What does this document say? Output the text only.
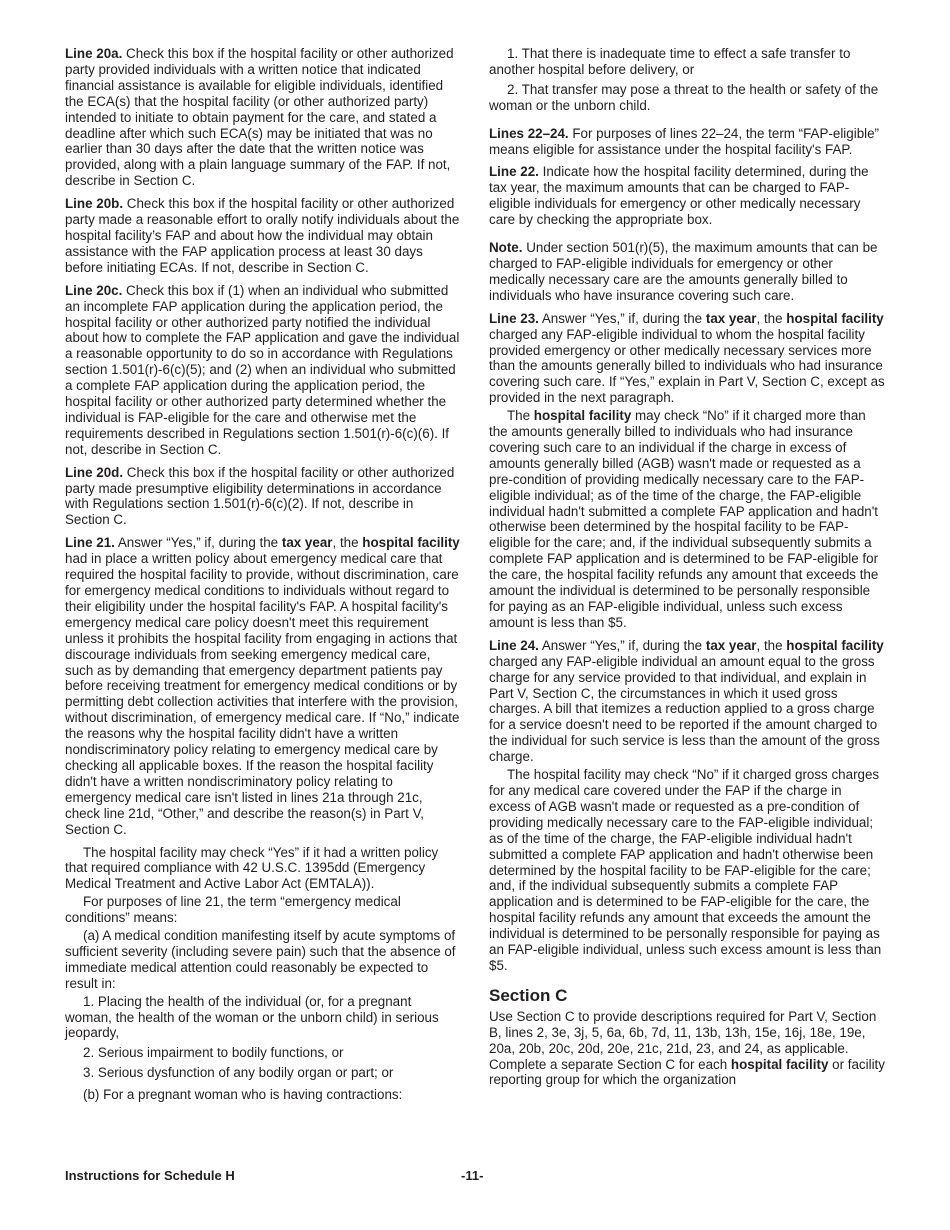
Line 20a. Check this box if the hospital facility or other authorized party provided individuals with a written notice that indicated financial assistance is available for eligible individuals, identified the ECA(s) that the hospital facility (or other authorized party) intended to initiate to obtain payment for the care, and stated a deadline after which such ECA(s) may be initiated that was no earlier than 30 days after the date that the written notice was provided, along with a plain language summary of the FAP. If not, describe in Section C.

Line 20b. Check this box if the hospital facility or other authorized party made a reasonable effort to orally notify individuals about the hospital facility’s FAP and about how the individual may obtain assistance with the FAP application process at least 30 days before initiating ECAs. If not, describe in Section C.

Line 20c. Check this box if (1) when an individual who submitted an incomplete FAP application during the application period, the hospital facility or other authorized party notified the individual about how to complete the FAP application and gave the individual a reasonable opportunity to do so in accordance with Regulations section 1.501(r)-6(c)(5); and (2) when an individual who submitted a complete FAP application during the application period, the hospital facility or other authorized party determined whether the individual is FAP-eligible for the care and otherwise met the requirements described in Regulations section 1.501(r)-6(c)(6). If not, describe in Section C.

Line 20d. Check this box if the hospital facility or other authorized party made presumptive eligibility determinations in accordance with Regulations section 1.501(r)-6(c)(2). If not, describe in Section C.

Line 21. Answer “Yes,” if, during the tax year, the hospital facility had in place a written policy about emergency medical care that required the hospital facility to provide, without discrimination, care for emergency medical conditions to individuals without regard to their eligibility under the hospital facility's FAP. A hospital facility's emergency medical care policy doesn't meet this requirement unless it prohibits the hospital facility from engaging in actions that discourage individuals from seeking emergency medical care, such as by demanding that emergency department patients pay before receiving treatment for emergency medical conditions or by permitting debt collection activities that interfere with the provision, without discrimination, of emergency medical care. If “No,” indicate the reasons why the hospital facility didn't have a written nondiscriminatory policy relating to emergency medical care by checking all applicable boxes. If the reason the hospital facility didn't have a written nondiscriminatory policy relating to emergency medical care isn't listed in lines 21a through 21c, check line 21d, “Other,” and describe the reason(s) in Part V, Section C.

The hospital facility may check “Yes” if it had a written policy that required compliance with 42 U.S.C. 1395dd (Emergency Medical Treatment and Active Labor Act (EMTALA)).

For purposes of line 21, the term “emergency medical conditions” means:

(a) A medical condition manifesting itself by acute symptoms of sufficient severity (including severe pain) such that the absence of immediate medical attention could reasonably be expected to result in:

1. Placing the health of the individual (or, for a pregnant woman, the health of the woman or the unborn child) in serious jeopardy,

2. Serious impairment to bodily functions, or

3. Serious dysfunction of any bodily organ or part; or

(b) For a pregnant woman who is having contractions:

1. That there is inadequate time to effect a safe transfer to another hospital before delivery, or

2. That transfer may pose a threat to the health or safety of the woman or the unborn child.

Lines 22–24. For purposes of lines 22–24, the term “FAP-eligible” means eligible for assistance under the hospital facility's FAP.

Line 22. Indicate how the hospital facility determined, during the tax year, the maximum amounts that can be charged to FAP-eligible individuals for emergency or other medically necessary care by checking the appropriate box.

Note. Under section 501(r)(5), the maximum amounts that can be charged to FAP-eligible individuals for emergency or other medically necessary care are the amounts generally billed to individuals who have insurance covering such care.

Line 23. Answer “Yes,” if, during the tax year, the hospital facility charged any FAP-eligible individual to whom the hospital facility provided emergency or other medically necessary services more than the amounts generally billed to individuals who had insurance covering such care. If “Yes,” explain in Part V, Section C, except as provided in the next paragraph.

The hospital facility may check “No” if it charged more than the amounts generally billed to individuals who had insurance covering such care to an individual if the charge in excess of amounts generally billed (AGB) wasn't made or requested as a pre-condition of providing medically necessary care to the FAP-eligible individual; as of the time of the charge, the FAP-eligible individual hadn't submitted a complete FAP application and hadn't otherwise been determined by the hospital facility to be FAP-eligible for the care; and, if the individual subsequently submits a complete FAP application and is determined to be FAP-eligible for the care, the hospital facility refunds any amount that exceeds the amount the individual is determined to be personally responsible for paying as an FAP-eligible individual, unless such excess amount is less than $5.

Line 24. Answer “Yes,” if, during the tax year, the hospital facility charged any FAP-eligible individual an amount equal to the gross charge for any service provided to that individual, and explain in Part V, Section C, the circumstances in which it used gross charges. A bill that itemizes a reduction applied to a gross charge for a service doesn't need to be reported if the amount charged to the individual for such service is less than the amount of the gross charge.

The hospital facility may check “No” if it charged gross charges for any medical care covered under the FAP if the charge in excess of AGB wasn't made or requested as a pre-condition of providing medically necessary care to the FAP-eligible individual; as of the time of the charge, the FAP-eligible individual hadn't submitted a complete FAP application and hadn't otherwise been determined by the hospital facility to be FAP-eligible for the care; and, if the individual subsequently submits a complete FAP application and is determined to be FAP-eligible for the care, the hospital facility refunds any amount that exceeds the amount the individual is determined to be personally responsible for paying as an FAP-eligible individual, unless such excess amount is less than $5.

Section C

Use Section C to provide descriptions required for Part V, Section B, lines 2, 3e, 3j, 5, 6a, 6b, 7d, 11, 13b, 13h, 15e, 16j, 18e, 19e, 20a, 20b, 20c, 20d, 20e, 21c, 21d, 23, and 24, as applicable. Complete a separate Section C for each hospital facility or facility reporting group for which the organization

Instructions for Schedule H	-11-
